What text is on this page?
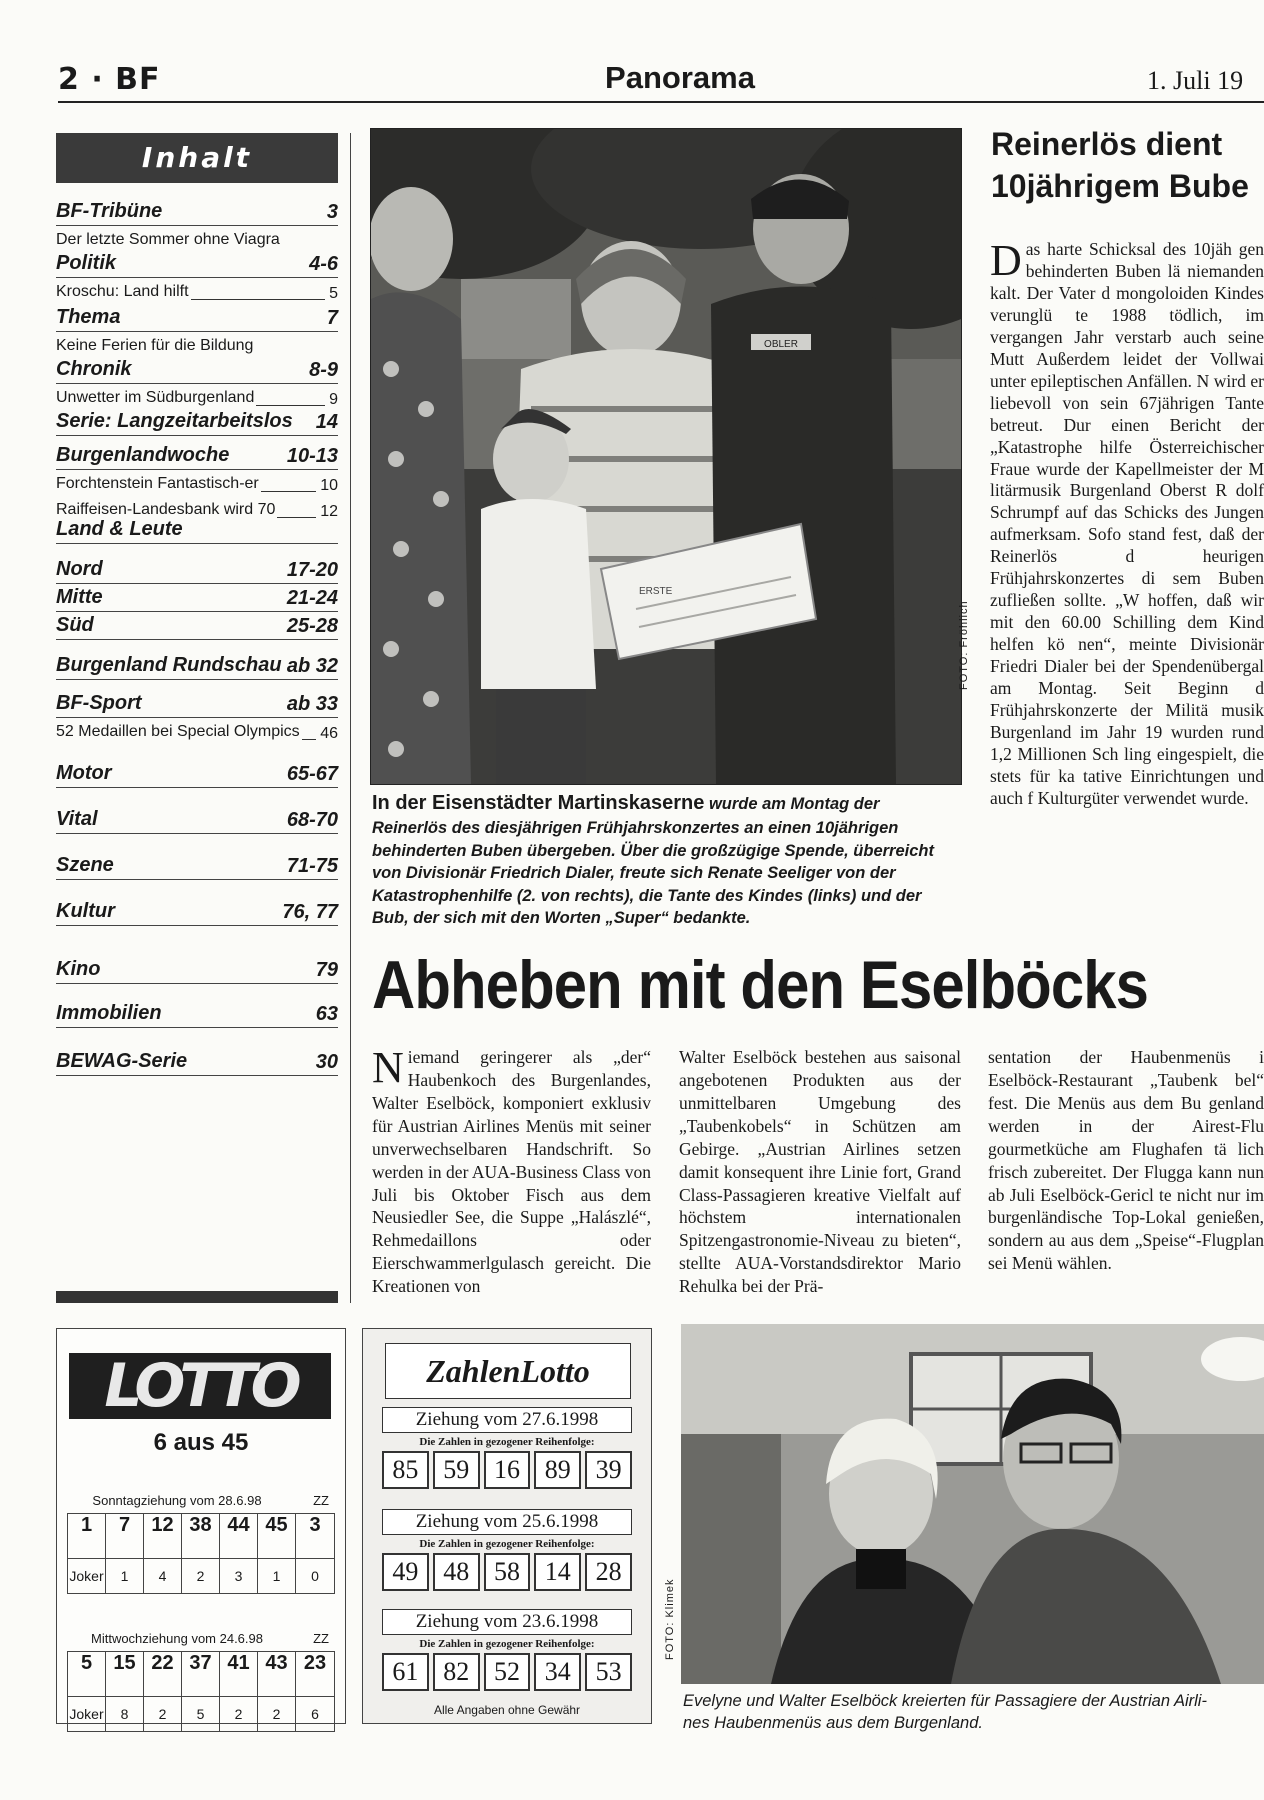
2 · BF	Panorama	1. Juli 19
Inhalt
BF-Tribüne	3
Der letzte Sommer ohne Viagra
Politik	4-6
Kroschu: Land hilft	5
Thema	7
Keine Ferien für die Bildung
Chronik	8-9
Unwetter im Südburgenland	9
Serie: Langzeitarbeitslos 14
Burgenlandwoche	10-13
Forchtenstein Fantastisch-er	10
Raiffeisen-Landesbank wird 70	12
Land & Leute
Nord	17-20
Mitte	21-24
Süd	25-28
Burgenland Rundschau ab 32
BF-Sport	ab 33
52 Medaillen bei Special Olympics 46
Motor	65-67
Vital	68-70
Szene	71-75
Kultur	76, 77
Kino	79
Immobilien	63
BEWAG-Serie	30
OBLER
ERSTE
FOTO: Fröhlich
In der Eisenstädter Martinskaserne wurde am Montag der Reinerlös des diesjährigen Frühjahrskonzertes an einen 10jährigen behinderten Buben übergeben. Über die großzügige Spende, überreicht von Divisionär Friedrich Dialer, freute sich Renate Seeliger von der Katastrophenhilfe (2. von rechts), die Tante des Kindes (links) und der Bub, der sich mit den Worten „Super“ bedankte.
Reinerlös dient
10jährigem Bube
Das harte Schicksal des 10jäh gen behinderten Buben lä niemanden kalt. Der Vater d mongoloiden Kindes verunglü te 1988 tödlich, im vergangen Jahr verstarb auch seine Mutt Außerdem leidet der Vollwai unter epileptischen Anfällen. N wird er liebevoll von sein 67jährigen Tante betreut. Dur einen Bericht der „Katastrophe hilfe Österreichischer Fraue wurde der Kapellmeister der M litärmusik Burgenland Oberst R dolf Schrumpf auf das Schicks des Jungen aufmerksam. Sofo stand fest, daß der Reinerlös d heurigen Frühjahrskonzertes di sem Buben zufließen sollte. „W hoffen, daß wir mit den 60.00 Schilling dem Kind helfen kö nen“, meinte Divisionär Friedri Dialer bei der Spendenübergal am Montag. Seit Beginn d Frühjahrskonzerte der Militä musik Burgenland im Jahr 19 wurden rund 1,2 Millionen Sch ling eingespielt, die stets für ka tative Einrichtungen und auch f Kulturgüter verwendet wurde.
Abheben mit den Eselböcks
Niemand geringerer als „der“ Haubenkoch des Burgenlandes, Walter Eselböck, komponiert exklusiv für Austrian Airlines Menüs mit seiner unverwechselbaren Handschrift. So werden in der AUA-Business Class von Juli bis Oktober Fisch aus dem Neusiedler See, die Suppe „Halászlé“, Rehmedaillons oder Eierschwammerlgulasch gereicht. Die Kreationen von
Walter Eselböck bestehen aus saisonal angebotenen Produkten aus der unmittelbaren Umgebung des „Taubenkobels“ in Schützen am Gebirge. „Austrian Airlines setzen damit konsequent ihre Linie fort, Grand Class-Passagieren kreative Vielfalt auf höchstem internationalen Spitzengastronomie-Niveau zu bieten“, stellte AUA-Vorstandsdirektor Mario Rehulka bei der Prä-
sentation der Haubenmenüs i Eselböck-Restaurant „Taubenk bel“ fest. Die Menüs aus dem Bu genland werden in der Airest-Flu gourmetküche am Flughafen tä lich frisch zubereitet. Der Flugga kann nun ab Juli Eselböck-Gericl te nicht nur im burgenländische Top-Lokal genießen, sondern au aus dem „Speise“-Flugplan sei Menü wählen.
LOTTO
6 aus 45
Sonntagziehung vom 28.6.98	ZZ
1	7	12 38 44 45	3
Joker	1	4	2	3	1	0
Mittwochziehung vom 24.6.98	ZZ
5	15 22 37 41 43 23
Joker	8	2	5	2	2	6
ZahlenLotto
Ziehung vom 27.6.1998
Die Zahlen in gezogener Reihenfolge:
85 59 16 89 39
Ziehung vom 25.6.1998
Die Zahlen in gezogener Reihenfolge:
49 48 58 14 28
Ziehung vom 23.6.1998
Die Zahlen in gezogener Reihenfolge:
61 82 52 34 53
Alle Angaben ohne Gewähr
FOTO: Klimek
Evelyne und Walter Eselböck kreierten für Passagiere der Austrian Airli-
nes Haubenmenüs aus dem Burgenland.
